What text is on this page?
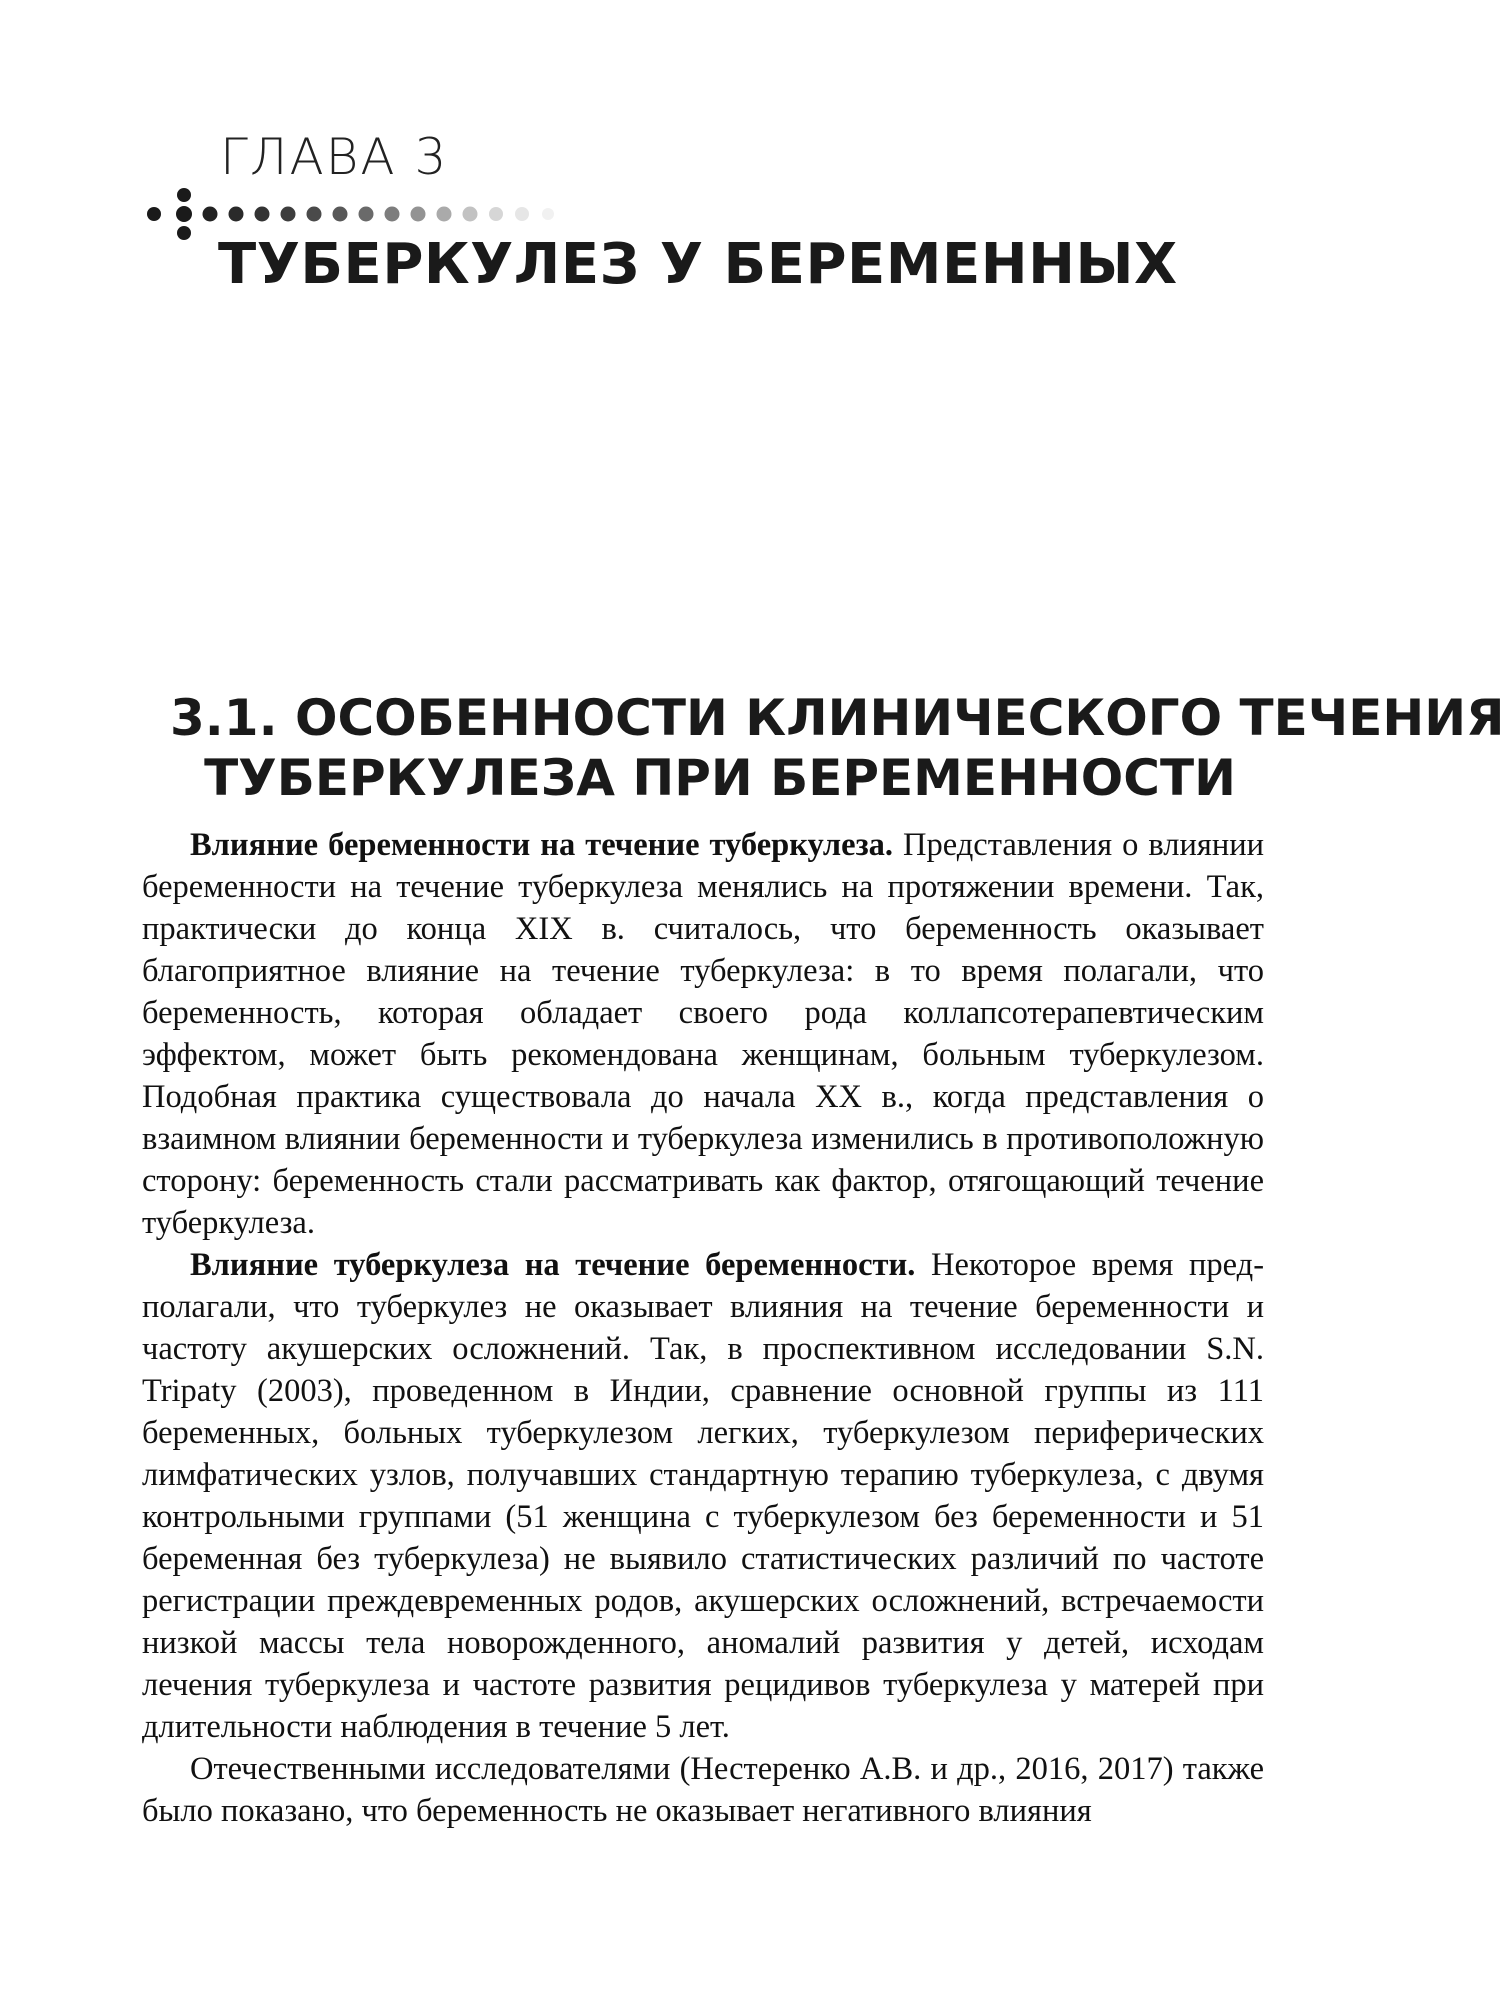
ГЛАВА 3
ТУБЕРКУЛЕЗ У БЕРЕМЕННЫХ
3.1. ОСОБЕННОСТИ КЛИНИЧЕСКОГО ТЕЧЕНИЯ
ТУБЕРКУЛЕЗА ПРИ БЕРЕМЕННОСТИ

Влияние беременности на течение туберкулеза. Представления о влиянии беременности на течение туберкулеза менялись на протяжении времени. Так, практически до конца XIX в. считалось, что беременность оказывает благоприятное влияние на течение туберкулеза: в то время полагали, что беременность, которая обладает своего рода коллапсотерапевтическим эффектом, может быть рекомендована женщинам, больным туберкулезом. Подобная практика существовала до начала XX в., когда представления о взаимном влиянии беременности и туберкулеза изменились в противоположную сторону: беременность стали рассматривать как фактор, отягощающий течение туберкулеза.

Влияние туберкулеза на течение беременности. Некоторое время предполагали, что туберкулез не оказывает влияния на течение беременности и частоту акушерских осложнений. Так, в проспективном исследовании S.N. Tripaty (2003), проведенном в Индии, сравнение основной группы из 111 беременных, больных туберкулезом легких, туберкулезом периферических лимфатических узлов, получавших стандартную терапию туберкулеза, с двумя контрольными группами (51 женщина с туберкулезом без беременности и 51 беременная без туберкулеза) не выявило статистических различий по частоте регистрации преждевременных родов, акушерских осложнений, встречаемости низкой массы тела новорожденного, аномалий развития у детей, исходам лечения туберкулеза и частоте развития рецидивов туберкулеза у матерей при длительности наблюдения в течение 5 лет.

Отечественными исследователями (Нестеренко А.В. и др., 2016, 2017) также было показано, что беременность не оказывает негативного влияния
